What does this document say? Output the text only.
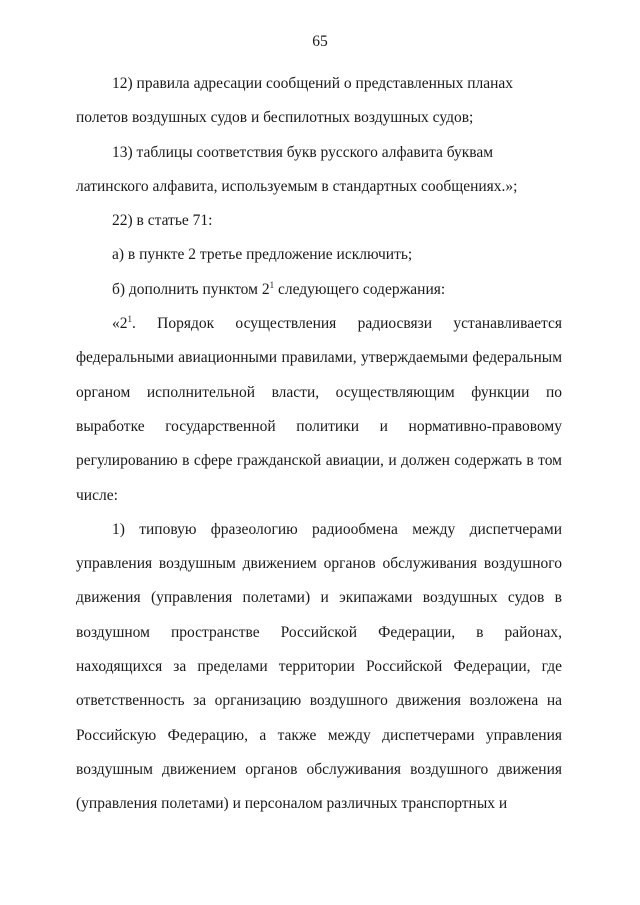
65

12) правила адресации сообщений о представленных планах полетов воздушных судов и беспилотных воздушных судов;

13) таблицы соответствия букв русского алфавита буквам латинского алфавита, используемым в стандартных сообщениях.»;

22) в статье 71:

а) в пункте 2 третье предложение исключить;

б) дополнить пунктом $2^1$ следующего содержания:

«$2^1$. Порядок осуществления радиосвязи устанавливается федеральными авиационными правилами, утверждаемыми федеральным органом исполнительной власти, осуществляющим функции по выработке государственной политики и нормативно-правовому регулированию в сфере гражданской авиации, и должен содержать в том числе:

1) типовую фразеологию радиообмена между диспетчерами управления воздушным движением органов обслуживания воздушного движения (управления полетами) и экипажами воздушных судов в воздушном пространстве Российской Федерации, в районах, находящихся за пределами территории Российской Федерации, где ответственность за организацию воздушного движения возложена на Российскую Федерацию, а также между диспетчерами управления воздушным движением органов обслуживания воздушного движения (управления полетами) и персоналом различных транспортных и
